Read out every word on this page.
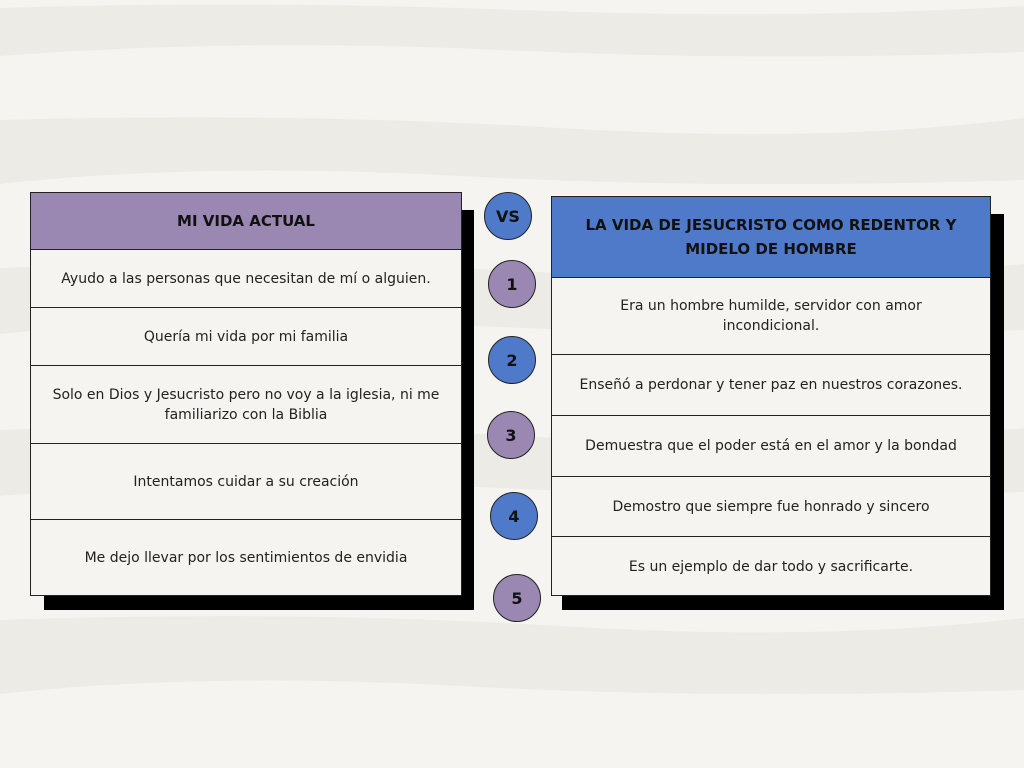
MI VIDA ACTUAL
Ayudo a las personas que necesitan de mí o alguien.
Quería mi vida por mi familia
Solo en Dios y Jesucristo pero no voy a la iglesia, ni me familiarizo con la Biblia
Intentamos cuidar a su creación
Me dejo llevar por los sentimientos de envidia
LA VIDA DE JESUCRISTO COMO REDENTOR Y MIDELO DE HOMBRE
Era un hombre humilde, servidor con amor incondicional.
Enseñó a perdonar y tener paz en nuestros corazones.
Demuestra que el poder está en el amor y la bondad
Demostro que siempre fue honrado y sincero
Es un ejemplo de dar todo y sacrificarte.
VS
1
2
3
4
5
